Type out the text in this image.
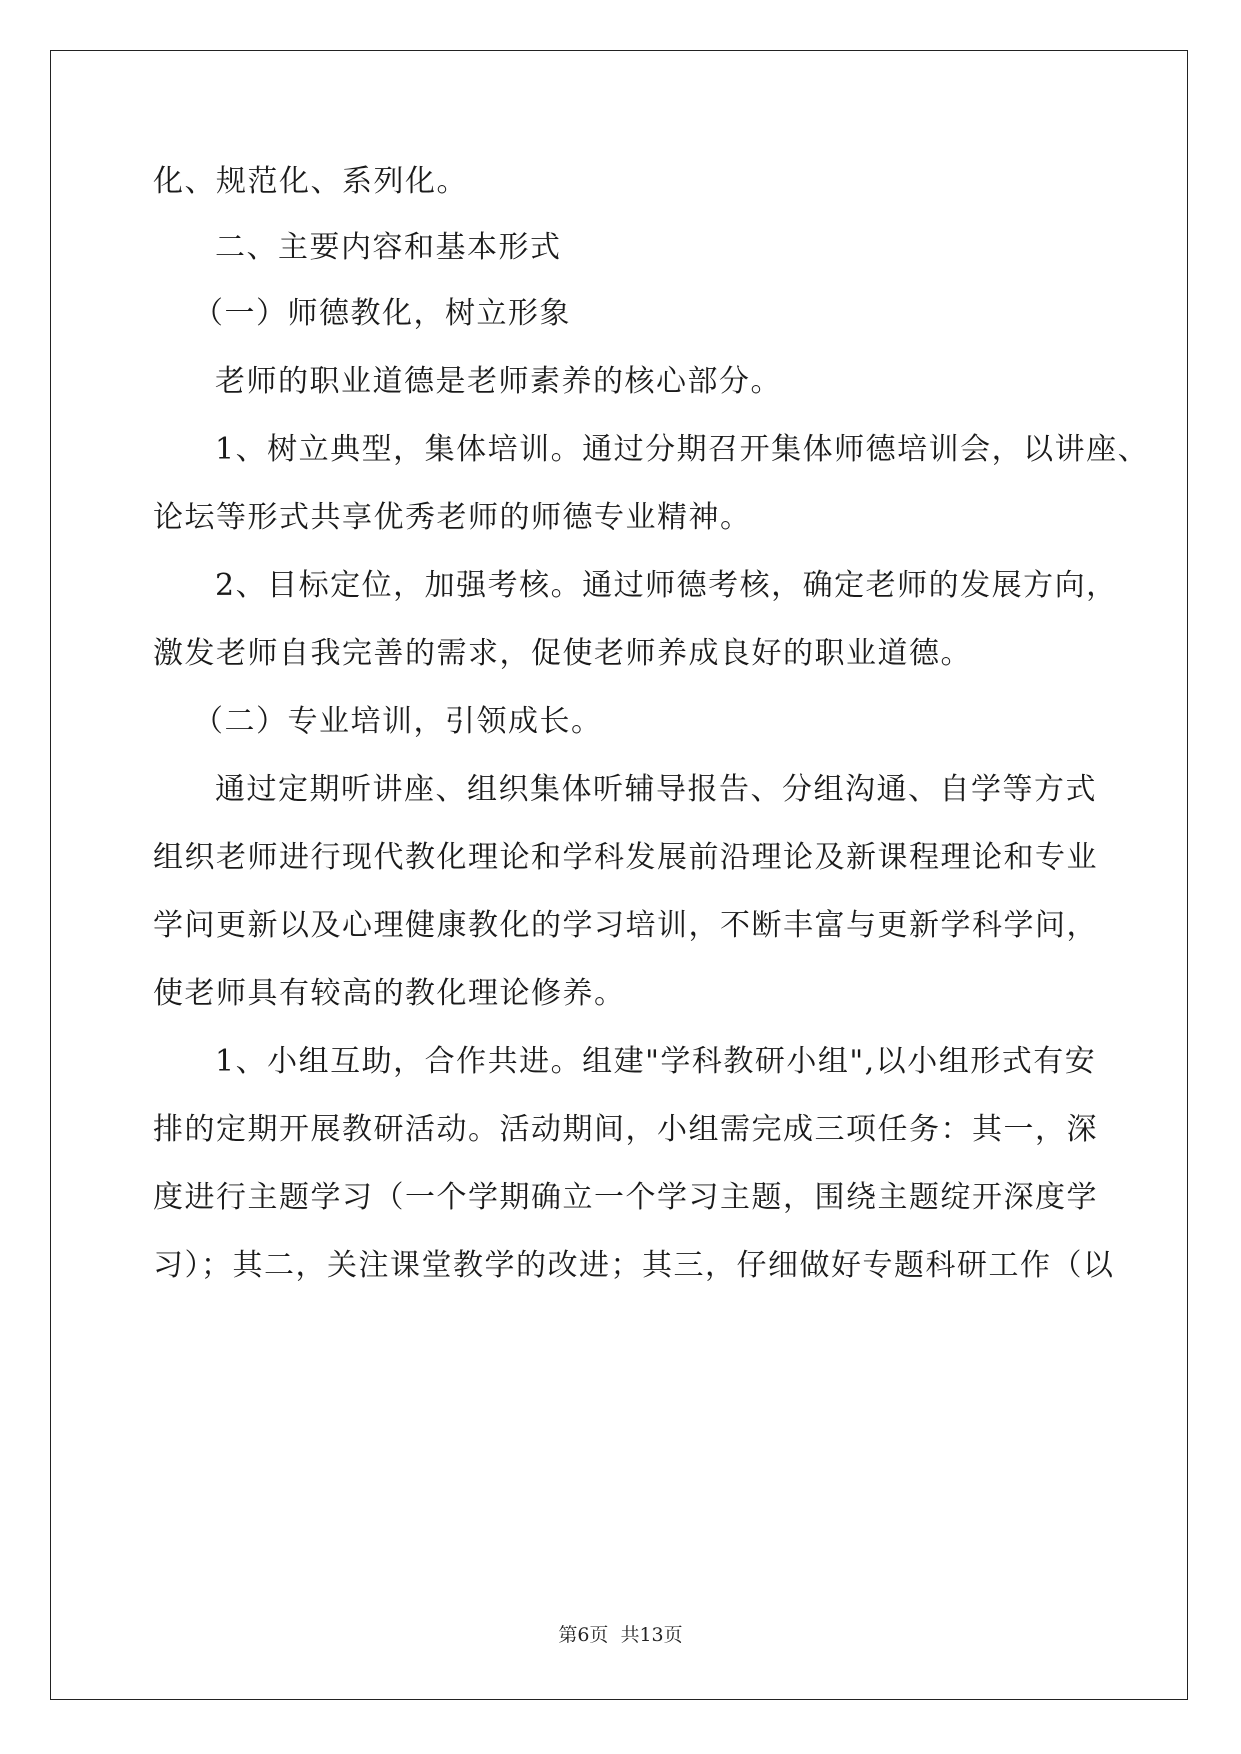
化、规范化、系列化。
二、主要内容和基本形式
（一）师德教化，树立形象
老师的职业道德是老师素养的核心部分。
1、树立典型，集体培训。通过分期召开集体师德培训会，以讲座、
论坛等形式共享优秀老师的师德专业精神。
2、目标定位，加强考核。通过师德考核，确定老师的发展方向，
激发老师自我完善的需求，促使老师养成良好的职业道德。
（二）专业培训，引领成长。
通过定期听讲座、组织集体听辅导报告、分组沟通、自学等方式
组织老师进行现代教化理论和学科发展前沿理论及新课程理论和专业
学问更新以及心理健康教化的学习培训，不断丰富与更新学科学问，
使老师具有较高的教化理论修养。
1、小组互助，合作共进。组建"学科教研小组",以小组形式有安
排的定期开展教研活动。活动期间，小组需完成三项任务：其一，深
度进行主题学习（一个学期确立一个学习主题，围绕主题绽开深度学
习）；其二，关注课堂教学的改进；其三，仔细做好专题科研工作（以
第6页 共13页
